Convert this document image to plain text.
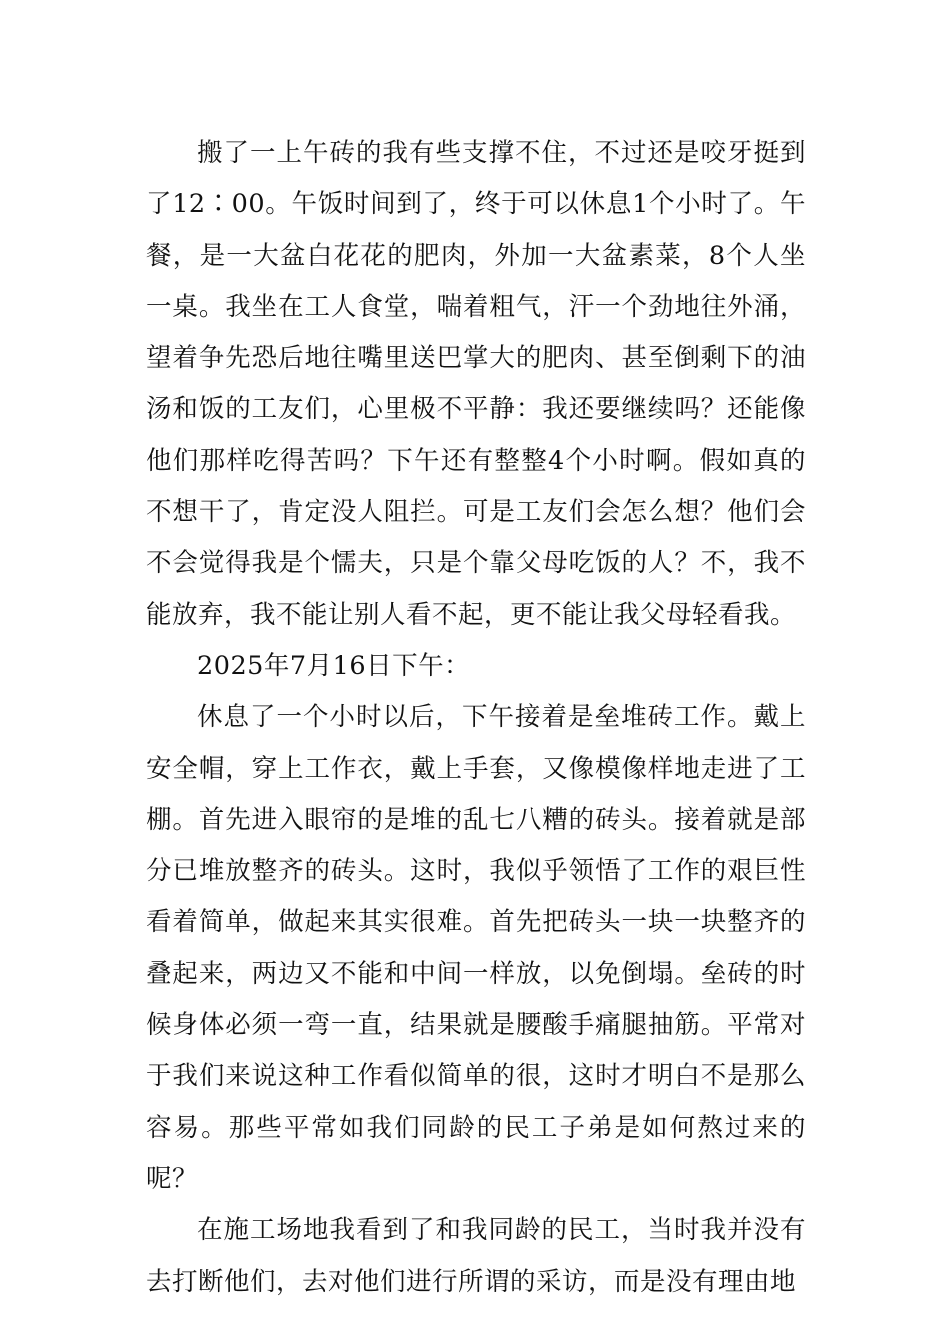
搬了一上午砖的我有些支撑不住，不过还是咬牙挺到了12∶00。午饭时间到了，终于可以休息1个小时了。午餐，是一大盆白花花的肥肉，外加一大盆素菜，8个人坐一桌。我坐在工人食堂，喘着粗气，汗一个劲地往外涌，望着争先恐后地往嘴里送巴掌大的肥肉、甚至倒剩下的油汤和饭的工友们，心里极不平静：我还要继续吗？还能像他们那样吃得苦吗？下午还有整整4个小时啊。假如真的不想干了，肯定没人阻拦。可是工友们会怎么想？他们会不会觉得我是个懦夫，只是个靠父母吃饭的人？不，我不能放弃，我不能让别人看不起，更不能让我父母轻看我。

2025年7月16日下午：

休息了一个小时以后，下午接着是垒堆砖工作。戴上安全帽，穿上工作衣，戴上手套，又像模像样地走进了工棚。首先进入眼帘的是堆的乱七八糟的砖头。接着就是部分已堆放整齐的砖头。这时，我似乎领悟了工作的艰巨性看着简单，做起来其实很难。首先把砖头一块一块整齐的叠起来，两边又不能和中间一样放，以免倒塌。垒砖的时候身体必须一弯一直，结果就是腰酸手痛腿抽筋。平常对于我们来说这种工作看似简单的很，这时才明白不是那么容易。那些平常如我们同龄的民工子弟是如何熬过来的呢？

在施工场地我看到了和我同龄的民工，当时我并没有去打断他们，去对他们进行所谓的采访，而是没有理由地
